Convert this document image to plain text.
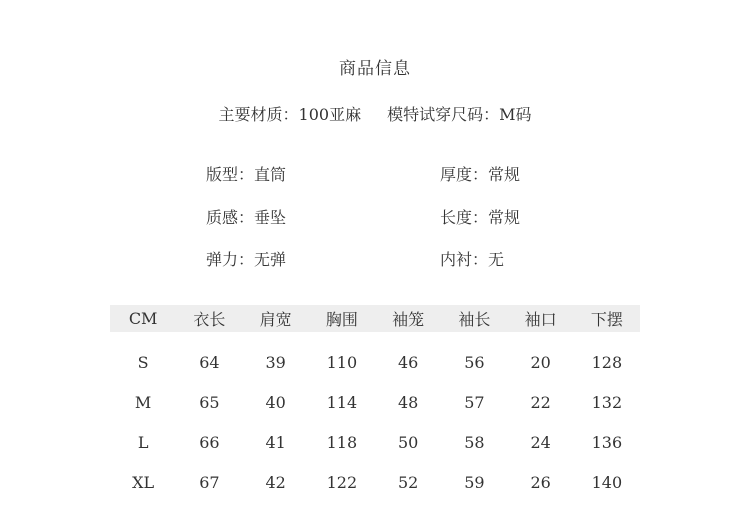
商品信息
主要材质：100亚麻 模特试穿尺码：M码
版型：直筒	厚度：常规
质感：垂坠	长度：常规
弹力：无弹	内衬：无
CM	衣长	肩宽	胸围	袖笼	袖长	袖口	下摆
S	64	39	110	46	56	20	128
M	65	40	114	48	57	22	132
L	66	41	118	50	58	24	136
XL	67	42	122	52	59	26	140
